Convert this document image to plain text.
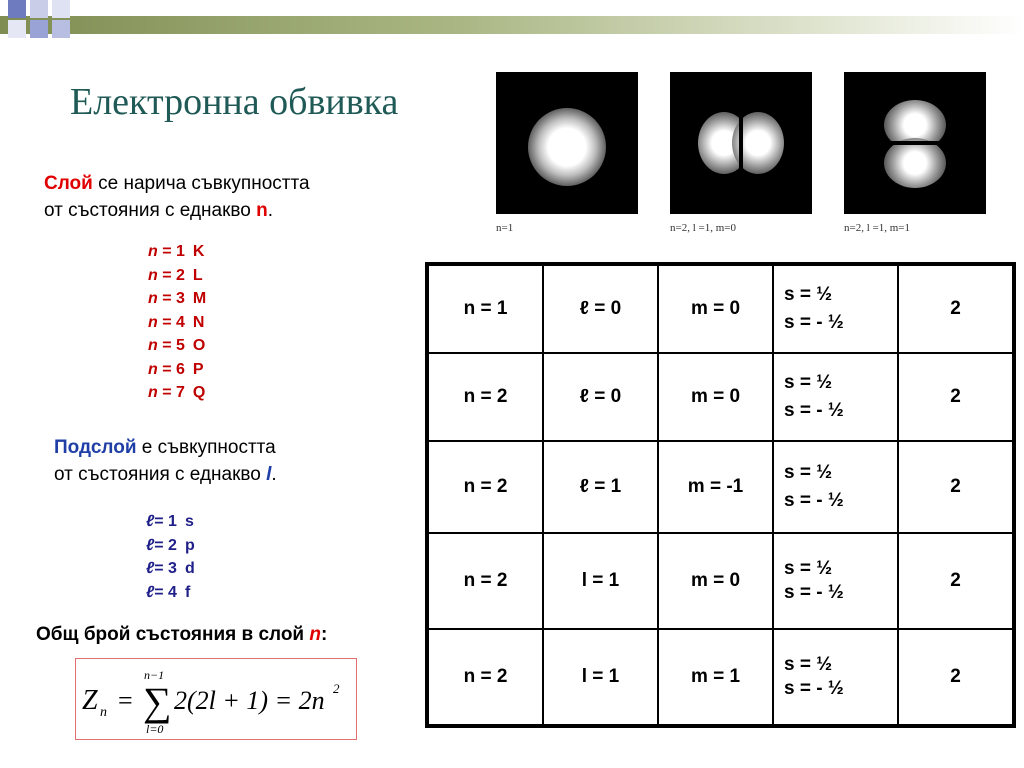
Електронна обвивка
Слой се нарича съвкупността
от състояния с еднакво n.
n = 1 K
n = 2 L
n = 3 M
n = 4 N
n = 5 O
n = 6 P
n = 7 Q
Подслой е съвкупността
от състояния с еднакво l.
ℓ= 1 s
ℓ= 2 p
ℓ= 3 d
ℓ= 4 f
Общ брой състояния в слой n:
Z n =
n−1
∑
l=0
2(2l + 1) = 2n 2
n=1	n=2, l =1, m=0	n=2, l =1, m=1
n = 1	ℓ = 0	m = 0	s = ½
s = - ½	2
n = 2	ℓ = 0	m = 0	s = ½
s = - ½	2
n = 2	ℓ = 1	m = -1	s = ½
s = - ½	2
n = 2	l = 1	m = 0	s = ½
s = - ½	2
n = 2	l = 1	m = 1	s = ½
s = - ½	2
